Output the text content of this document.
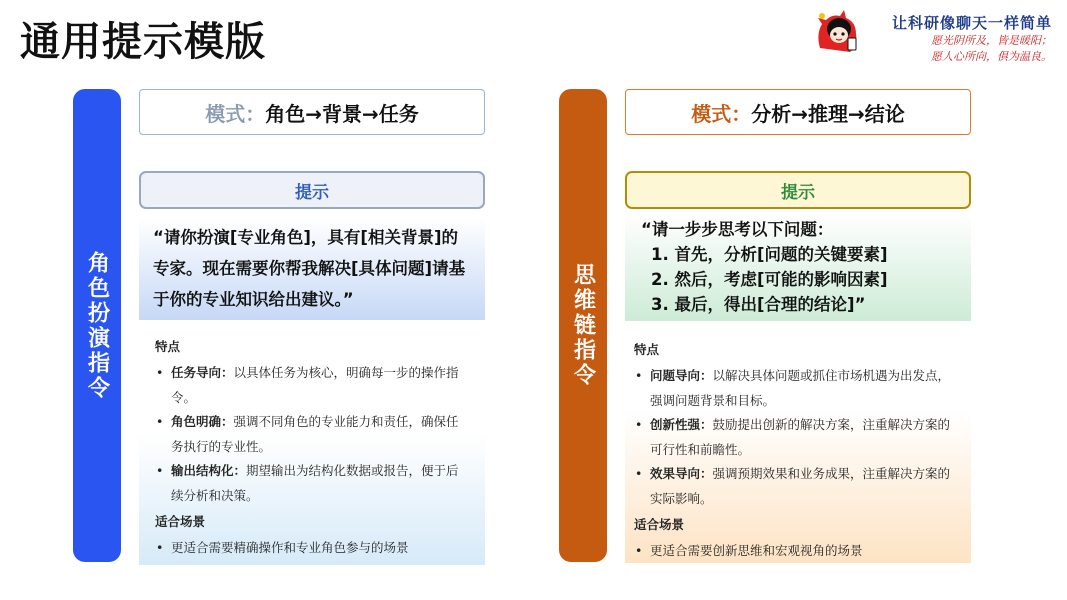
通用提示模版	让科研像聊天一样简单
愿光阴所及，皆是暖阳；
愿人心所向，俱为温良。
角色扮演指令
模式： 角色→背景→任务
提示
“请你扮演[专业角色]，具有[相关背景]的专家。现在需要你帮我解决[具体问题]请基于你的专业知识给出建议。”
特点
• 任务导向：以具体任务为核心，明确每一步的操作指令。
• 角色明确：强调不同角色的专业能力和责任，确保任务执行的专业性。
• 输出结构化：期望输出为结构化数据或报告，便于后续分析和决策。
适合场景
• 更适合需要精确操作和专业角色参与的场景
思维链指令
模式： 分析→推理→结论
提示
“请一步步思考以下问题：
1. 首先，分析[问题的关键要素]
2. 然后，考虑[可能的影响因素]
3. 最后，得出[合理的结论]”
特点
• 问题导向：以解决具体问题或抓住市场机遇为出发点，强调问题背景和目标。
• 创新性强：鼓励提出创新的解决方案，注重解决方案的可行性和前瞻性。
• 效果导向：强调预期效果和业务成果，注重解决方案的实际影响。
适合场景
• 更适合需要创新思维和宏观视角的场景
